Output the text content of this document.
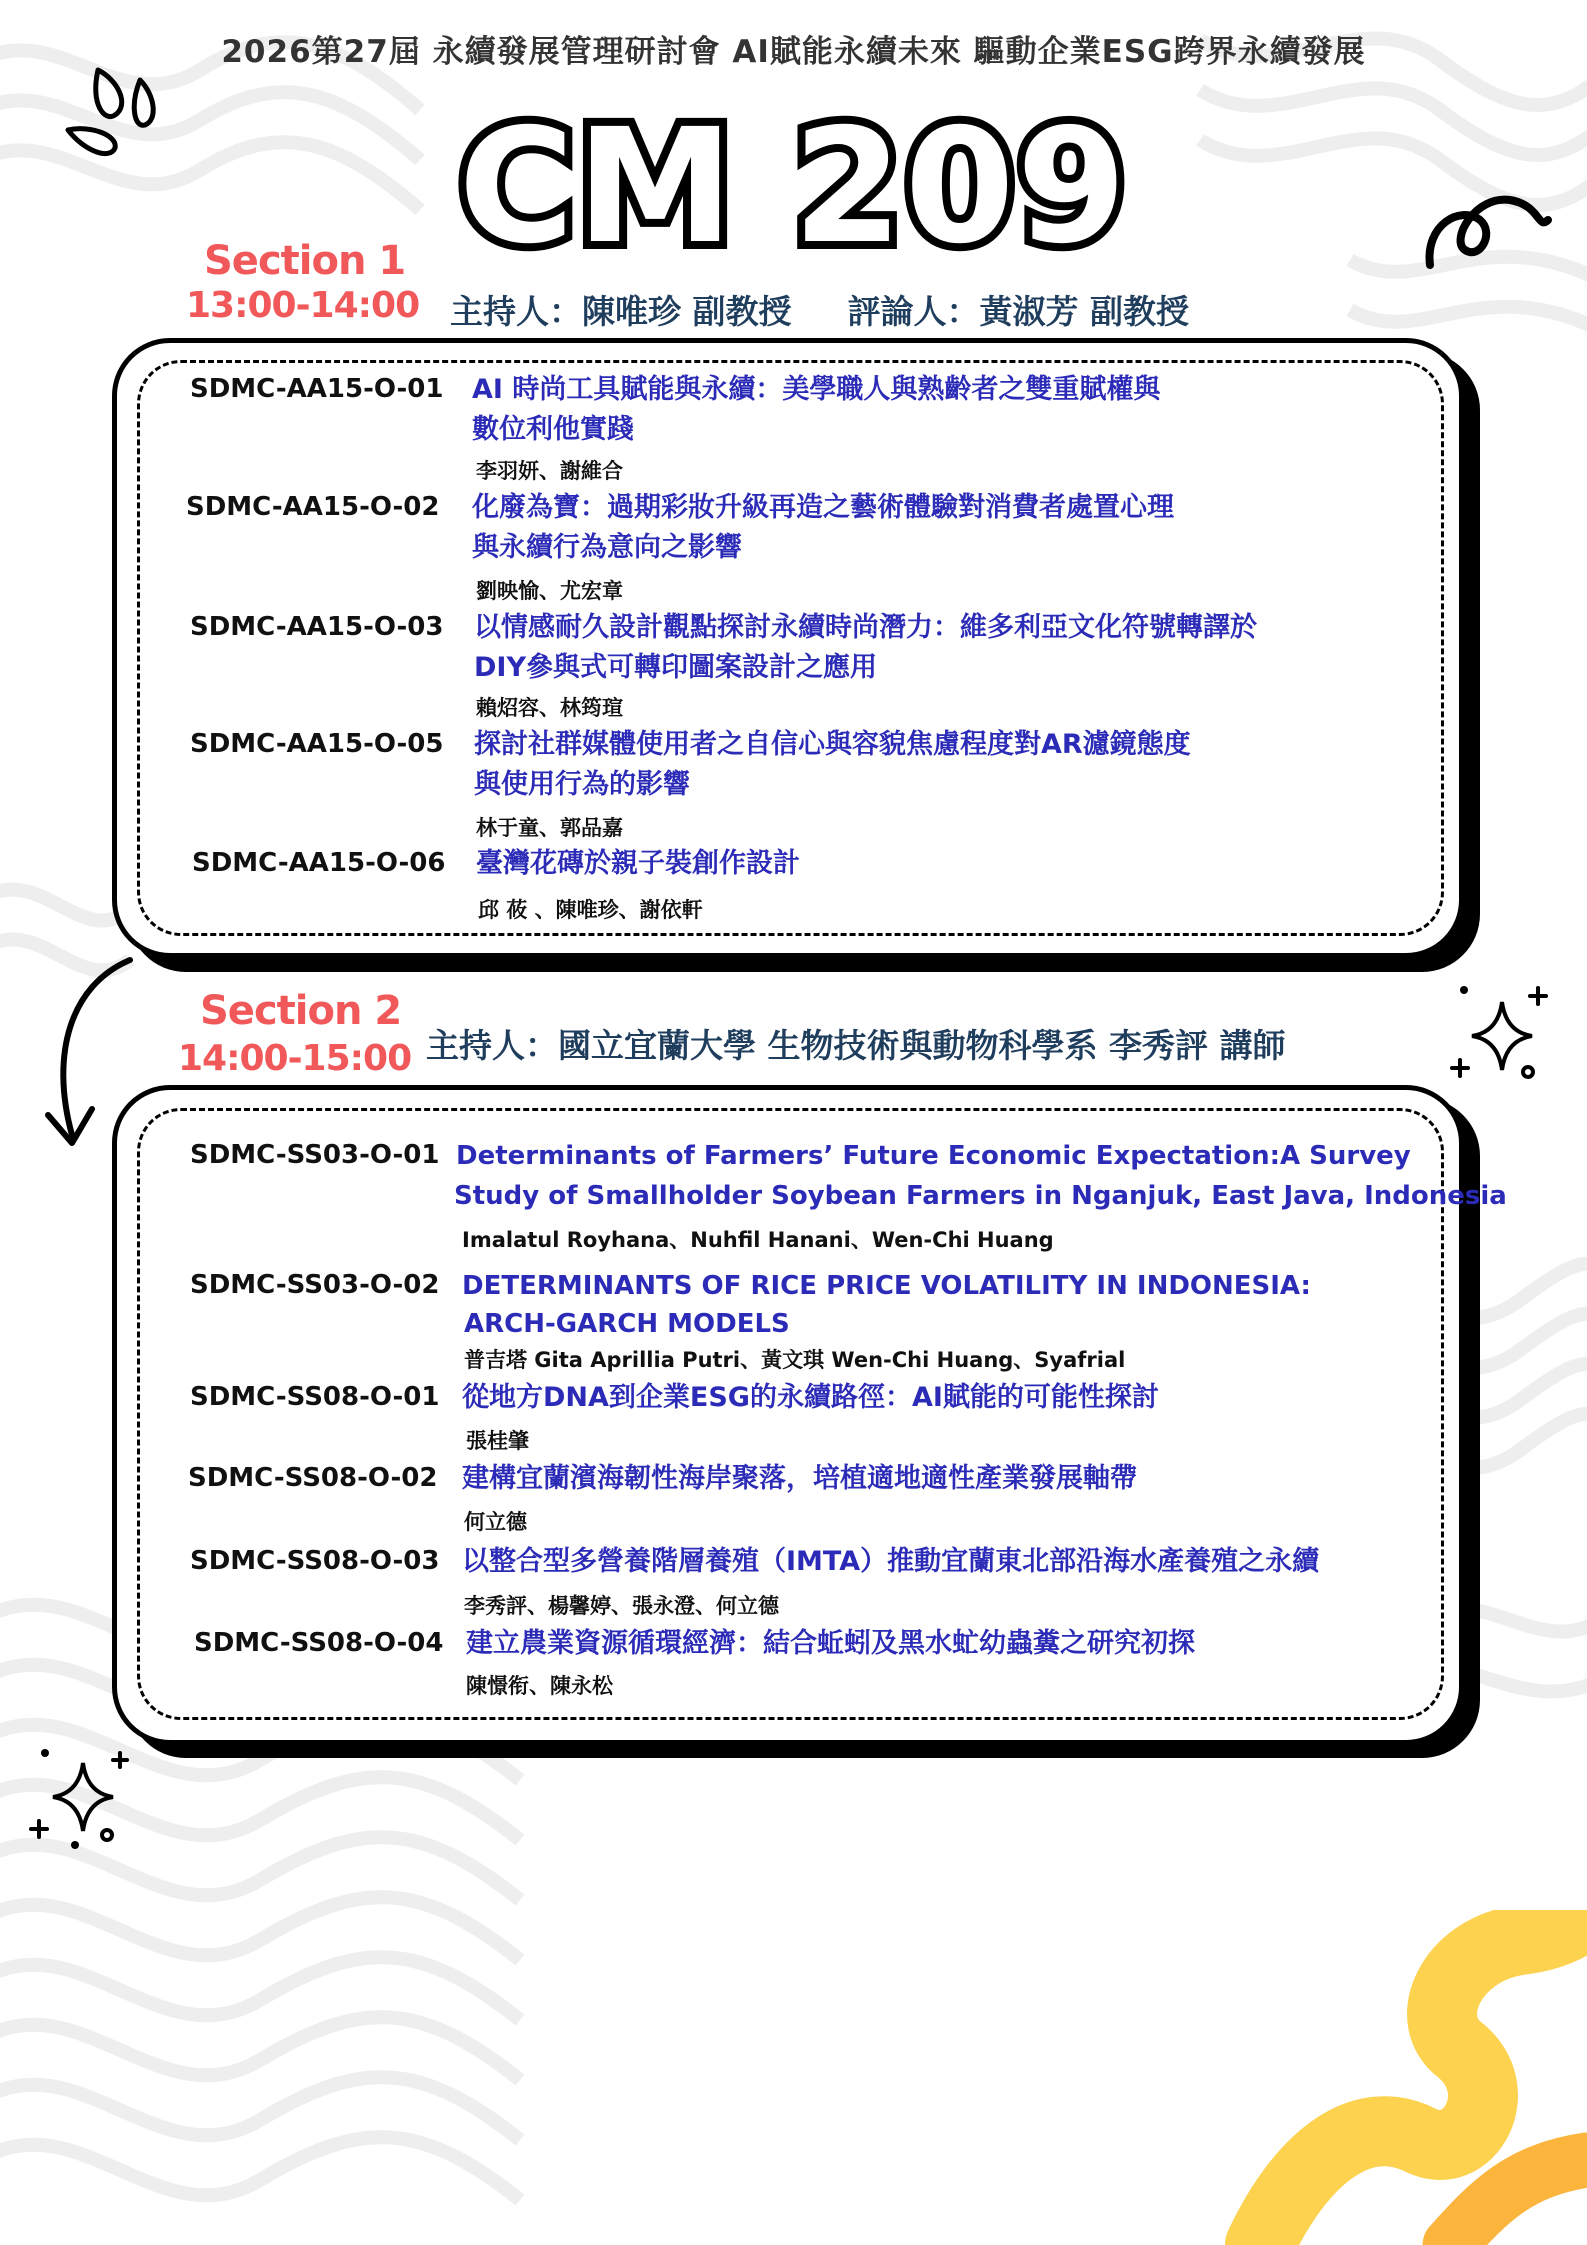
2026第27屆 永續發展管理研討會 AI賦能永續未來 驅動企業ESG跨界永續發展
CM 209
Section 1
13:00-14:00 主持人：陳唯珍 副教授 評論人：黃淑芳 副教授
SDMC-AA15-O-01 AI 時尚工具賦能與永續：美學職人與熟齡者之雙重賦權與
數位利他實踐
李羽妍、謝維合
SDMC-AA15-O-02 化廢為寶：過期彩妝升級再造之藝術體驗對消費者處置心理
與永續行為意向之影響
劉映愉、尤宏章
SDMC-AA15-O-03 以情感耐久設計觀點探討永續時尚潛力：維多利亞文化符號轉譯於
DIY參與式可轉印圖案設計之應用
賴炤容、林筠瑄
SDMC-AA15-O-05 探討社群媒體使用者之自信心與容貌焦慮程度對AR濾鏡態度
與使用行為的影響
林于童、郭品嘉
SDMC-AA15-O-06 臺灣花磚於親子裝創作設計
邱 莜 、陳唯珍、謝依軒
Section 2
14:00-15:00 主持人：國立宜蘭大學 生物技術與動物科學系 李秀評 講師
SDMC-SS03-O-01 Determinants of Farmers’ Future Economic Expectation:A Survey
Study of Smallholder Soybean Farmers in Nganjuk, East Java, Indonesia
Imalatul Royhana、Nuhfil Hanani、Wen-Chi Huang
SDMC-SS03-O-02 DETERMINANTS OF RICE PRICE VOLATILITY IN INDONESIA:
ARCH-GARCH MODELS
普吉塔 Gita Aprillia Putri、黃文琪 Wen-Chi Huang、Syafrial
SDMC-SS08-O-01 從地方DNA到企業ESG的永續路徑：AI賦能的可能性探討
張桂肇
SDMC-SS08-O-02 建構宜蘭濱海韌性海岸聚落，培植適地適性產業發展軸帶
何立德
SDMC-SS08-O-03 以整合型多營養階層養殖（IMTA）推動宜蘭東北部沿海水產養殖之永續
李秀評、楊馨婷、張永澄、何立德
SDMC-SS08-O-04 建立農業資源循環經濟：結合蚯蚓及黑水虻幼蟲糞之研究初探
陳憬衔、陳永松
